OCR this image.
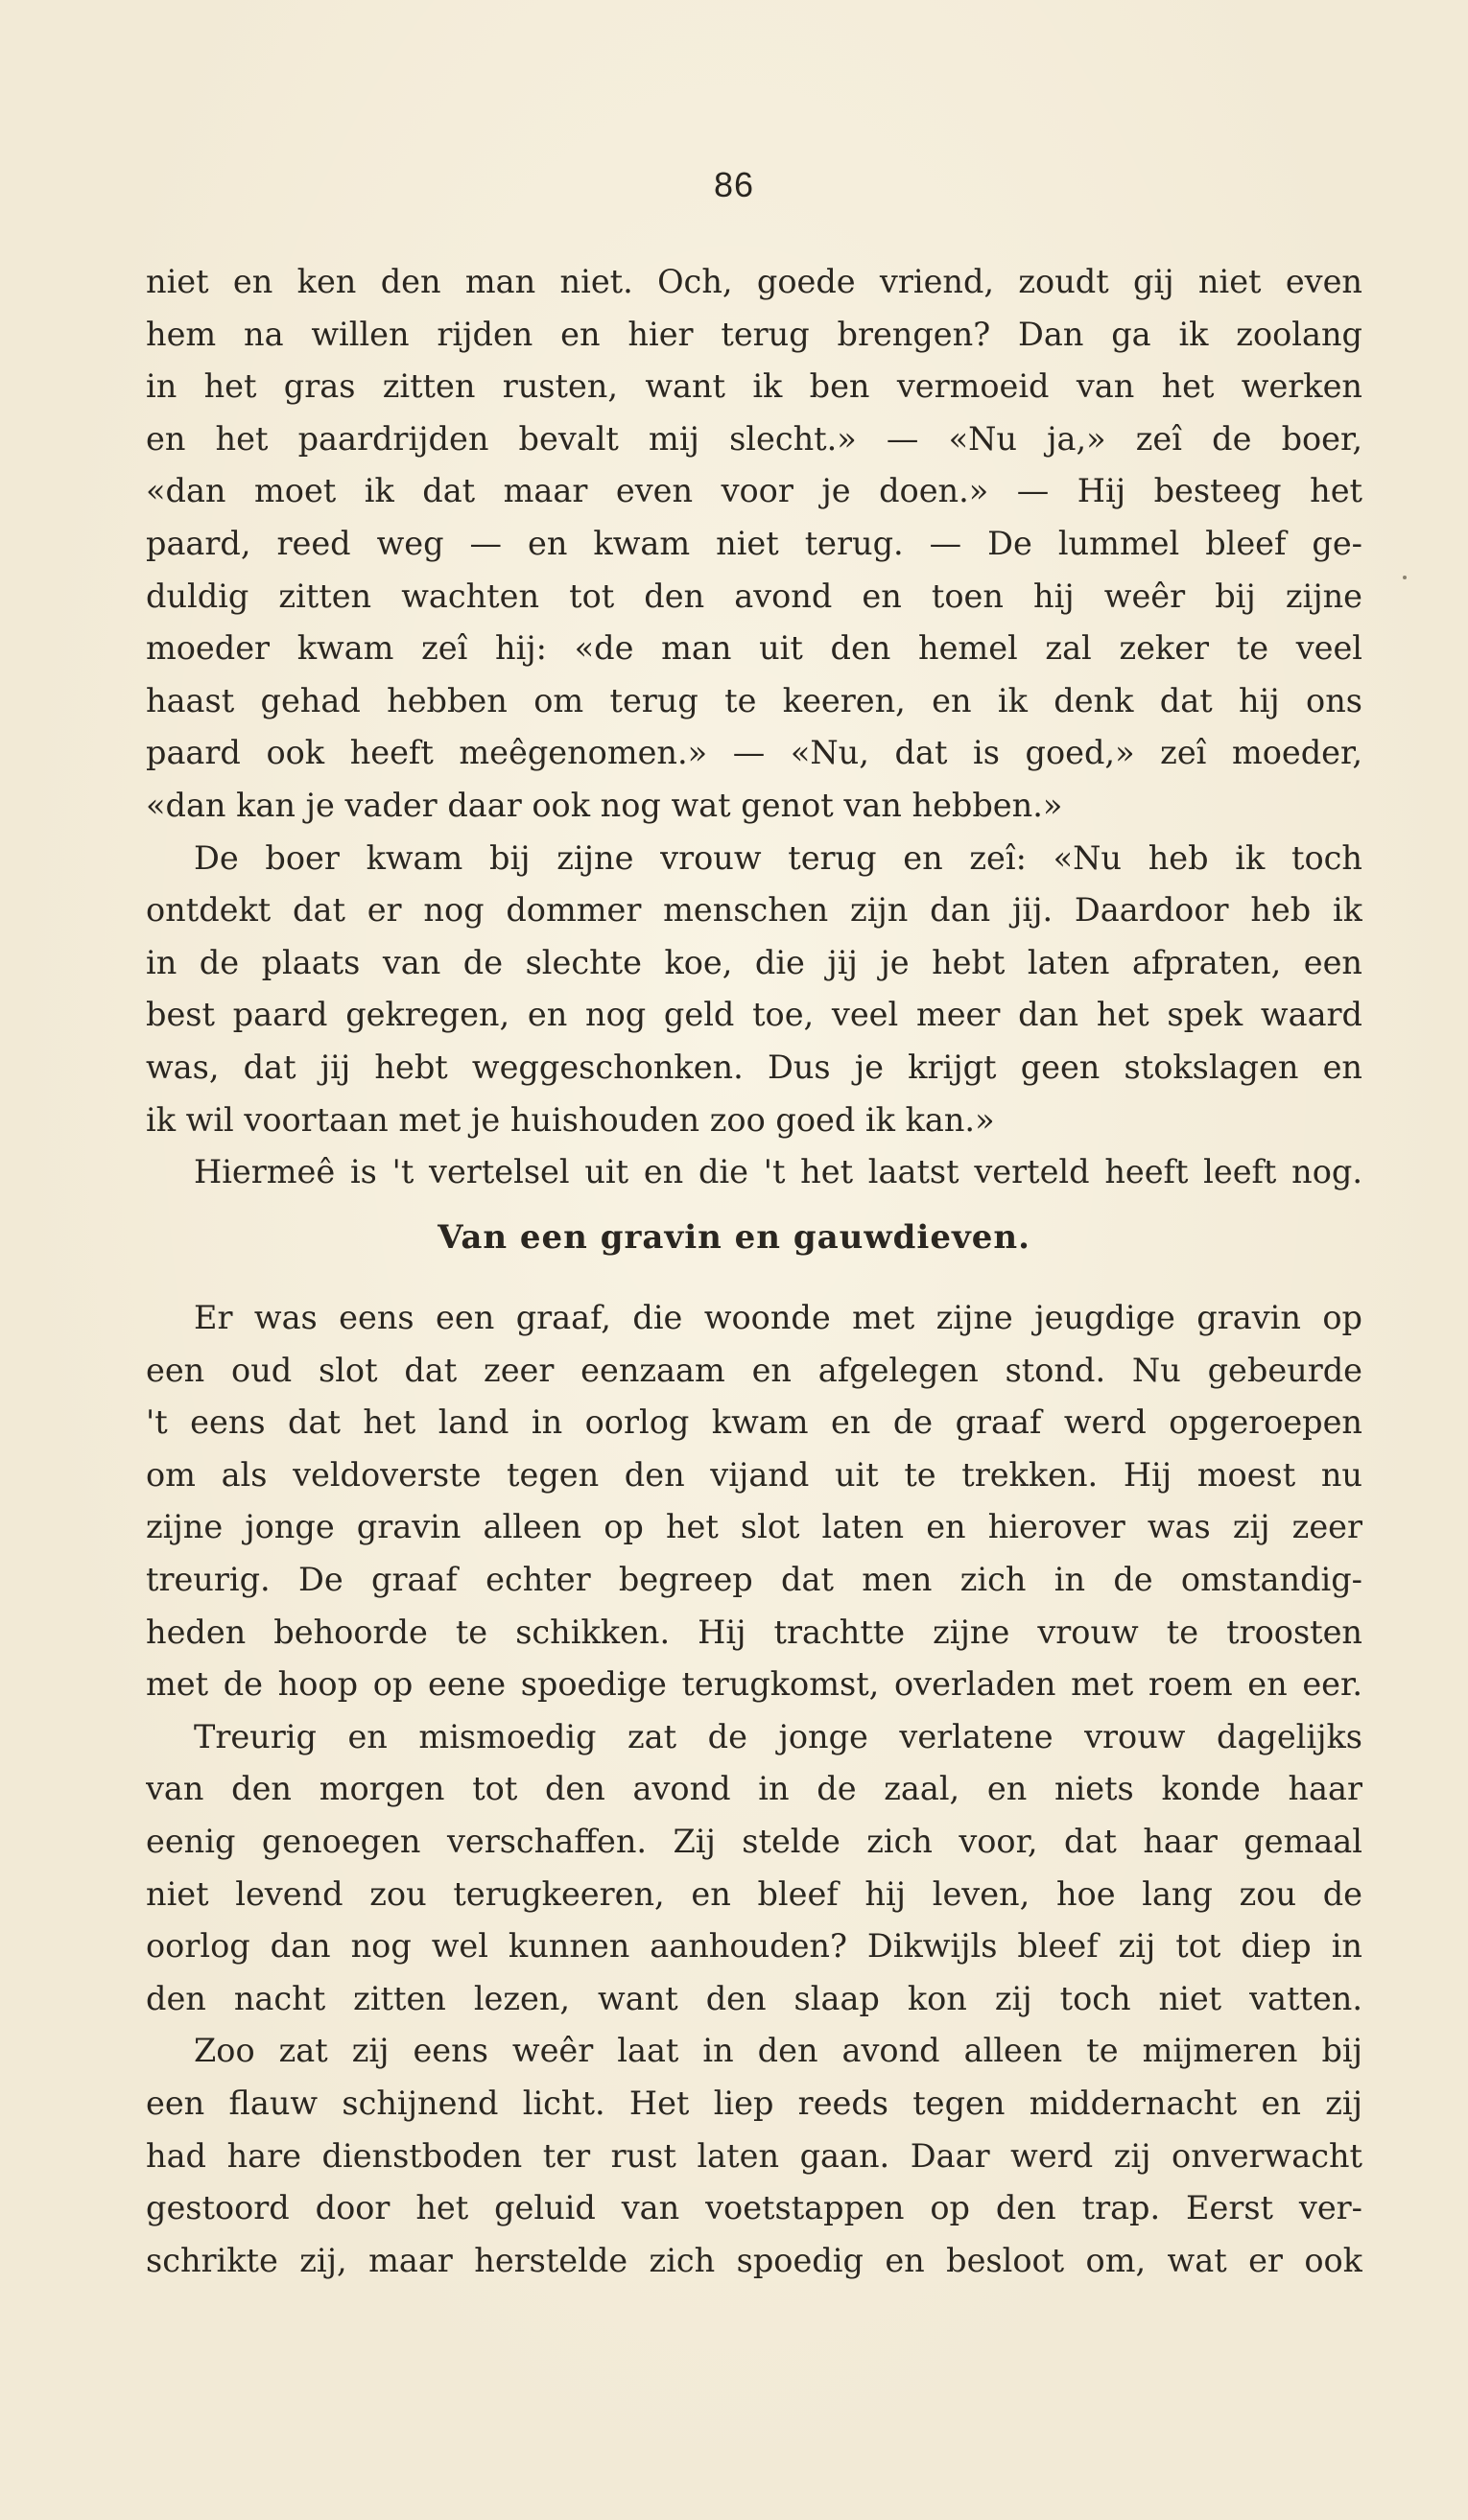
86
niet en ken den man niet. Och, goede vriend, zoudt gij niet even
hem na willen rijden en hier terug brengen? Dan ga ik zoolang
in het gras zitten rusten, want ik ben vermoeid van het werken
en het paardrijden bevalt mij slecht.» — «Nu ja,» zeî de boer,
«dan moet ik dat maar even voor je doen.» — Hij besteeg het
paard, reed weg — en kwam niet terug. — De lummel bleef ge-
duldig zitten wachten tot den avond en toen hij weêr bij zijne
moeder kwam zeî hij: «de man uit den hemel zal zeker te veel
haast gehad hebben om terug te keeren, en ik denk dat hij ons
paard ook heeft meêgenomen.» — «Nu, dat is goed,» zeî moeder,
«dan kan je vader daar ook nog wat genot van hebben.»
De boer kwam bij zijne vrouw terug en zeî: «Nu heb ik toch
ontdekt dat er nog dommer menschen zijn dan jij. Daardoor heb ik
in de plaats van de slechte koe, die jij je hebt laten afpraten, een
best paard gekregen, en nog geld toe, veel meer dan het spek waard
was, dat jij hebt weggeschonken. Dus je krijgt geen stokslagen en
ik wil voortaan met je huishouden zoo goed ik kan.»
Hiermeê is 't vertelsel uit en die 't het laatst verteld heeft leeft nog.
Van een gravin en gauwdieven.
Er was eens een graaf, die woonde met zijne jeugdige gravin op
een oud slot dat zeer eenzaam en afgelegen stond. Nu gebeurde
't eens dat het land in oorlog kwam en de graaf werd opgeroepen
om als veldoverste tegen den vijand uit te trekken. Hij moest nu
zijne jonge gravin alleen op het slot laten en hierover was zij zeer
treurig. De graaf echter begreep dat men zich in de omstandig-
heden behoorde te schikken. Hij trachtte zijne vrouw te troosten
met de hoop op eene spoedige terugkomst, overladen met roem en eer.
Treurig en mismoedig zat de jonge verlatene vrouw dagelijks
van den morgen tot den avond in de zaal, en niets konde haar
eenig genoegen verschaffen. Zij stelde zich voor, dat haar gemaal
niet levend zou terugkeeren, en bleef hij leven, hoe lang zou de
oorlog dan nog wel kunnen aanhouden? Dikwijls bleef zij tot diep in
den nacht zitten lezen, want den slaap kon zij toch niet vatten.
Zoo zat zij eens weêr laat in den avond alleen te mijmeren bij
een flauw schijnend licht. Het liep reeds tegen middernacht en zij
had hare dienstboden ter rust laten gaan. Daar werd zij onverwacht
gestoord door het geluid van voetstappen op den trap. Eerst ver-
schrikte zij, maar herstelde zich spoedig en besloot om, wat er ook
